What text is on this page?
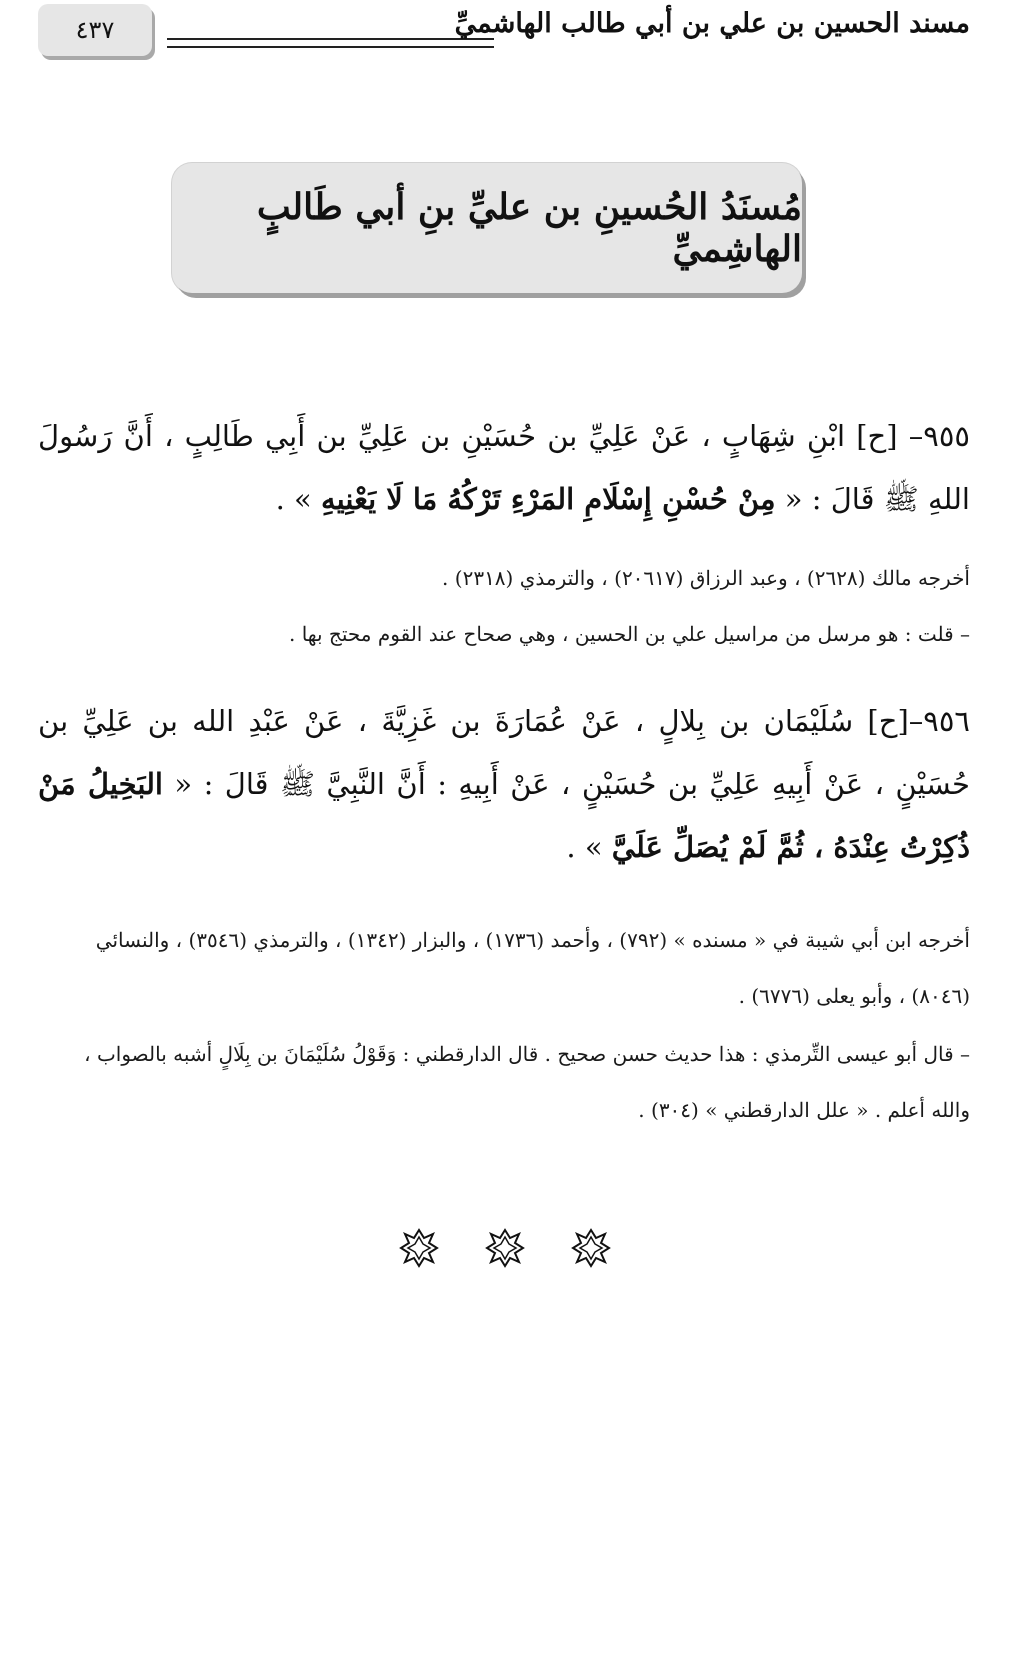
٤٣٧	مسند الحسين بن علي بن أبي طالب الهاشميِّ
مُسنَدُ الحُسينِ بن عليِّ بنِ أبي طَالبٍ الهاشِميِّ
٩٥٥– [ح] ابْنِ شِهَابٍ ، عَنْ عَلِيِّ بن حُسَيْنِ بن عَلِيِّ بن أَبِي طَالِبٍ ، أَنَّ رَسُولَ اللهِ ﷺ قَالَ : « مِنْ حُسْنِ إِسْلَامِ المَرْءِ تَرْكُهُ مَا لَا يَعْنِيهِ » .
أخرجه مالك (٢٦٢٨) ، وعبد الرزاق (٢٠٦١٧) ، والترمذي (٢٣١٨) .
– قلت : هو مرسل من مراسيل علي بن الحسين ، وهي صحاح عند القوم محتج بها .
٩٥٦–[ح] سُلَيْمَان بن بِلالٍ ، عَنْ عُمَارَةَ بن غَزِيَّةَ ، عَنْ عَبْدِ الله بن عَلِيِّ بن حُسَيْنٍ ، عَنْ أَبِيهِ عَلِيِّ بن حُسَيْنٍ ، عَنْ أَبِيهِ : أَنَّ النَّبِيَّ ﷺ قَالَ : « البَخِيلُ مَنْ ذُكِرْتُ عِنْدَهُ ، ثُمَّ لَمْ يُصَلِّ عَلَيَّ » .
أخرجه ابن أبي شيبة في « مسنده » (٧٩٢) ، وأحمد (١٧٣٦) ، والبزار (١٣٤٢) ، والترمذي (٣٥٤٦) ، والنسائي (٨٠٤٦) ، وأبو يعلى (٦٧٧٦) .
– قال أبو عيسى التِّرمذي : هذا حديث حسن صحيح . قال الدارقطني : وَقَوْلُ سُلَيْمَانَ بن بِلَالٍ أشبه بالصواب ، والله أعلم . « علل الدارقطني » (٣٠٤) .
